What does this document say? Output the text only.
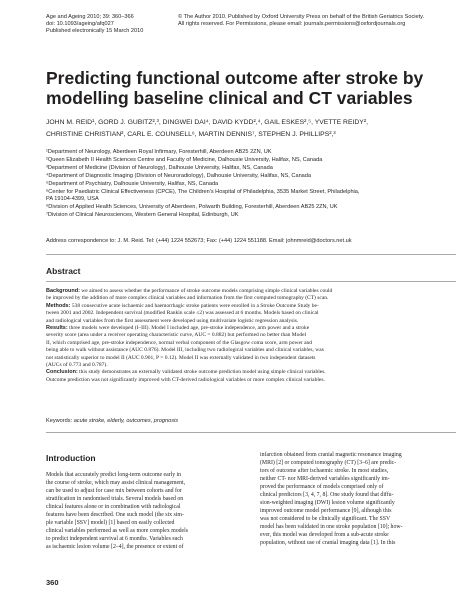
Age and Ageing 2010; 39: 360–366
doi: 10.1093/ageing/afq027
Published electronically 15 March 2010
© The Author 2010. Published by Oxford University Press on behalf of the British Geriatrics Society.
All rights reserved. For Permissions, please email: journals.permissions@oxfordjournals.org
Predicting functional outcome after stroke by
modelling baseline clinical and CT variables
JOHN M. REID¹, GORD J. GUBITZ²,³, DINGWEI DAI⁴, DAVID KYDD²,⁴, GAIL ESKES²,⁵, YVETTE REIDY²,
CHRISTINE CHRISTIAN², CARL E. COUNSELL⁶, MARTIN DENNIS⁷, STEPHEN J. PHILLIPS²,³
¹Department of Neurology, Aberdeen Royal Infirmary, Foresterhill, Aberdeen AB25 2ZN, UK
²Queen Elizabeth II Health Sciences Centre and Faculty of Medicine, Dalhousie University, Halifax, NS, Canada
³Department of Medicine (Division of Neurology), Dalhousie University, Halifax, NS, Canada
⁴Department of Diagnostic Imaging (Division of Neuroradiology), Dalhousie University, Halifax, NS, Canada
⁵Department of Psychiatry, Dalhousie University, Halifax, NS, Canada
⁶Center for Paediatric Clinical Effectiveness (CPCE), The Children's Hospital of Philadelphia, 3535 Market Street, Philadelphia,
PA 19104-4399, USA
⁶Division of Applied Health Sciences, University of Aberdeen, Polwarth Building, Foresterhill, Aberdeen AB25 2ZN, UK
⁷Division of Clinical Neurosciences, Western General Hospital, Edinburgh, UK
Address correspondence to: J. M. Reid. Tel: (+44) 1224 552673; Fax: (+44) 1224 551188. Email: johnmreid@doctors.net.uk
Abstract
Background: we aimed to assess whether the performance of stroke outcome models comprising simple clinical variables could
be improved by the addition of more complex clinical variables and information from the first computed tomography (CT) scan.
Methods: 538 consecutive acute ischaemic and haemorrhagic stroke patients were enrolled in a Stroke Outcome Study be-
tween 2001 and 2002. Independent survival (modified Rankin scale ≤2) was assessed at 6 months. Models based on clinical
and radiological variables from the first assessment were developed using multivariate logistic regression analysis.
Results: three models were developed (I–III). Model I included age, pre-stroke independence, arm power and a stroke
severity score (area under a receiver operating characteristic curve, AUC = 0.882) but performed no better than Model
II, which comprised age, pre-stroke independence, normal verbal component of the Glasgow coma score, arm power and
being able to walk without assistance (AUC 0.876). Model III, including two radiological variables and clinical variables, was
not statistically superior to model II (AUC 0.901, P = 0.12). Model II was externally validated in two independent datasets
(AUCs of 0.773 and 0.787).
Conclusion: this study demonstrates an externally validated stroke outcome prediction model using simple clinical variables.
Outcome prediction was not significantly improved with CT-derived radiological variables or more complex clinical variables.
Keywords: acute stroke, elderly, outcomes, prognosis
Introduction
Models that accurately predict long-term outcome early in
the course of stroke, which may assist clinical management,
can be used to adjust for case mix between cohorts and for
stratification in randomised trials. Several models based on
clinical features alone or in combination with radiological
features have been described. One such model (the six sim-
ple variable [SSV] model) [1] based on easily collected
clinical variables performed as well as more complex models
to predict independent survival at 6 months. Variables such
as ischaemic lesion volume [2–4], the presence or extent of
infarction obtained from cranial magnetic resonance imaging
(MRI) [2] or computed tomography (CT) [3–6] are predic-
tors of outcome after ischaemic stroke. In most studies,
neither CT- nor MRI-derived variables significantly im-
proved the performance of models comprised only of
clinical predictors [3, 4, 7, 8]. One study found that diffu-
sion-weighted imaging (DWI) lesion volume significantly
improved outcome model performance [9], although this
was not considered to be clinically significant. The SSV
model has been validated in one stroke population [10]; how-
ever, this model was developed from a sub-acute stroke
population, without use of cranial imaging data [1]. In this
360
